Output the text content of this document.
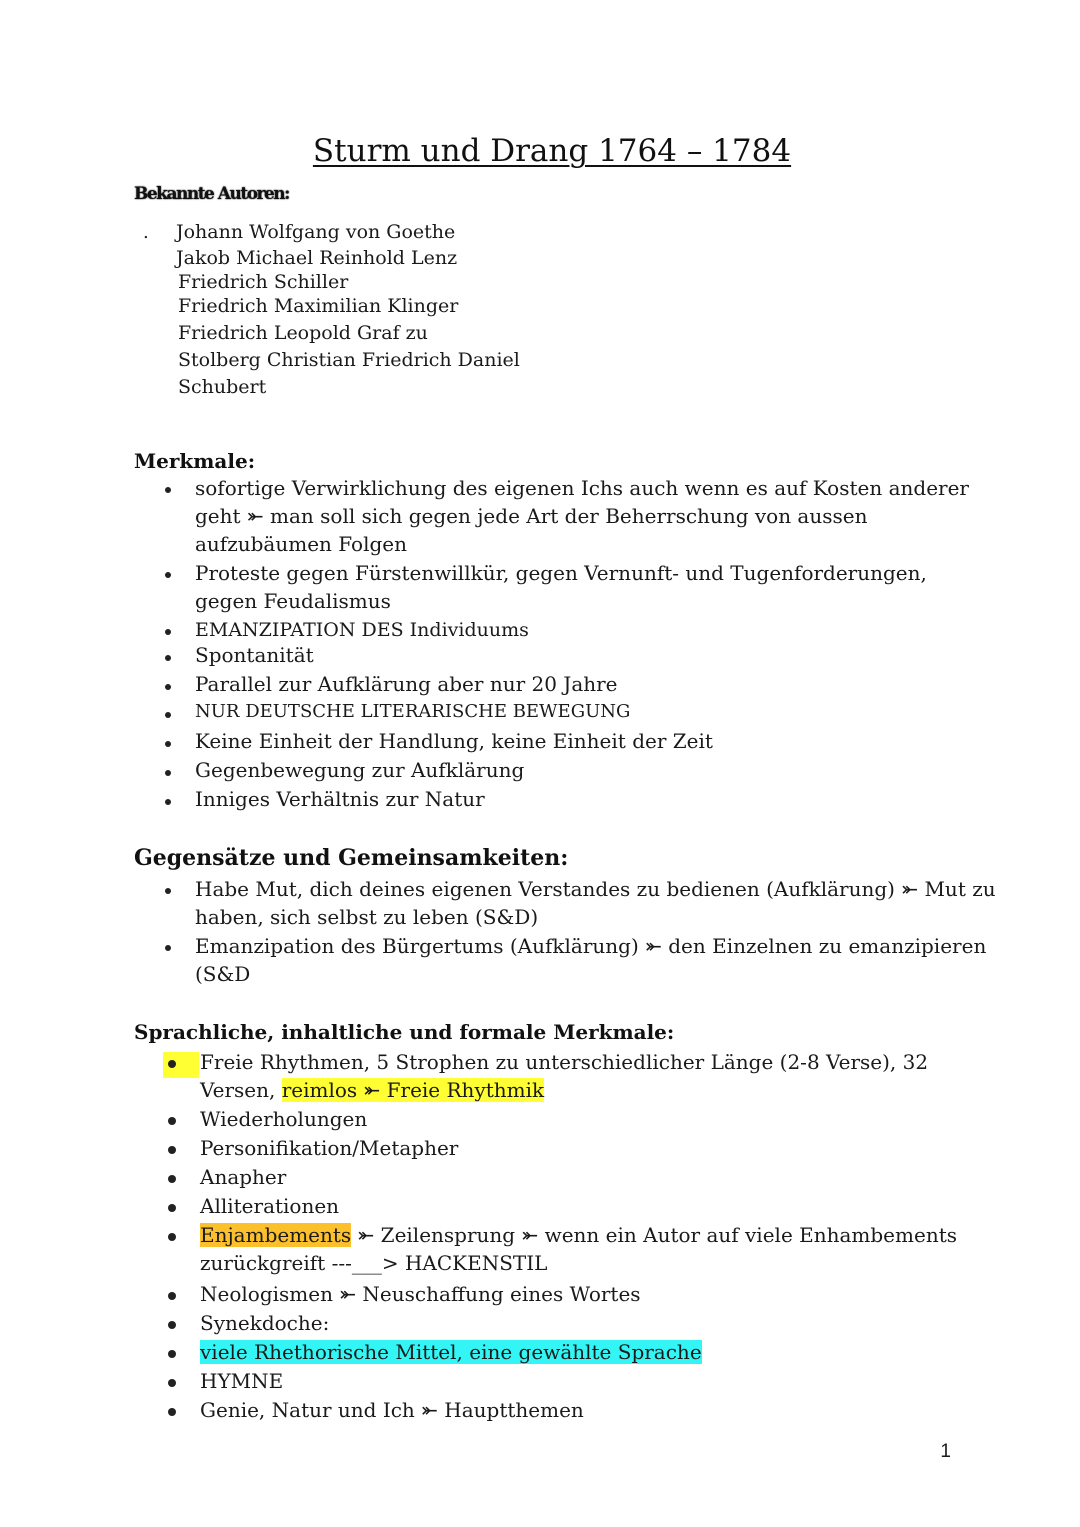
Sturm und Drang 1764 – 1784
Bekannte Autoren:
. Johann Wolfgang von Goethe
Jakob Michael Reinhold Lenz
Friedrich Schiller
Friedrich Maximilian Klinger
Friedrich Leopold Graf zu
Stolberg Christian Friedrich Daniel
Schubert
Merkmale:
sofortige Verwirklichung des eigenen Ichs auch wenn es auf Kosten anderer
geht ⤜ man soll sich gegen jede Art der Beherrschung von aussen
aufzubäumen Folgen
Proteste gegen Fürstenwillkür, gegen Vernunft- und Tugenforderungen,
gegen Feudalismus
EMANZIPATION DES Individuums
Spontanität
Parallel zur Aufklärung aber nur 20 Jahre
NUR DEUTSCHE LITERARISCHE BEWEGUNG
Keine Einheit der Handlung, keine Einheit der Zeit
Gegenbewegung zur Aufklärung
Inniges Verhältnis zur Natur
Gegensätze und Gemeinsamkeiten:
Habe Mut, dich deines eigenen Verstandes zu bedienen (Aufklärung) ⤜ Mut zu
haben, sich selbst zu leben (S&D)
Emanzipation des Bürgertums (Aufklärung) ⤜ den Einzelnen zu emanzipieren
(S&D
Sprachliche, inhaltliche und formale Merkmale:
Freie Rhythmen, 5 Strophen zu unterschiedlicher Länge (2-8 Verse), 32
Versen, reimlos ⤜ Freie Rhythmik
Wiederholungen
Personifikation/Metapher
Anapher
Alliterationen
Enjambements ⤜ Zeilensprung ⤜ wenn ein Autor auf viele Enhambements
zurückgreift ---___> HACKENSTIL
Neologismen ⤜ Neuschaffung eines Wortes
Synekdoche:
viele Rhethorische Mittel, eine gewählte Sprache
HYMNE
Genie, Natur und Ich ⤜ Hauptthemen
1
